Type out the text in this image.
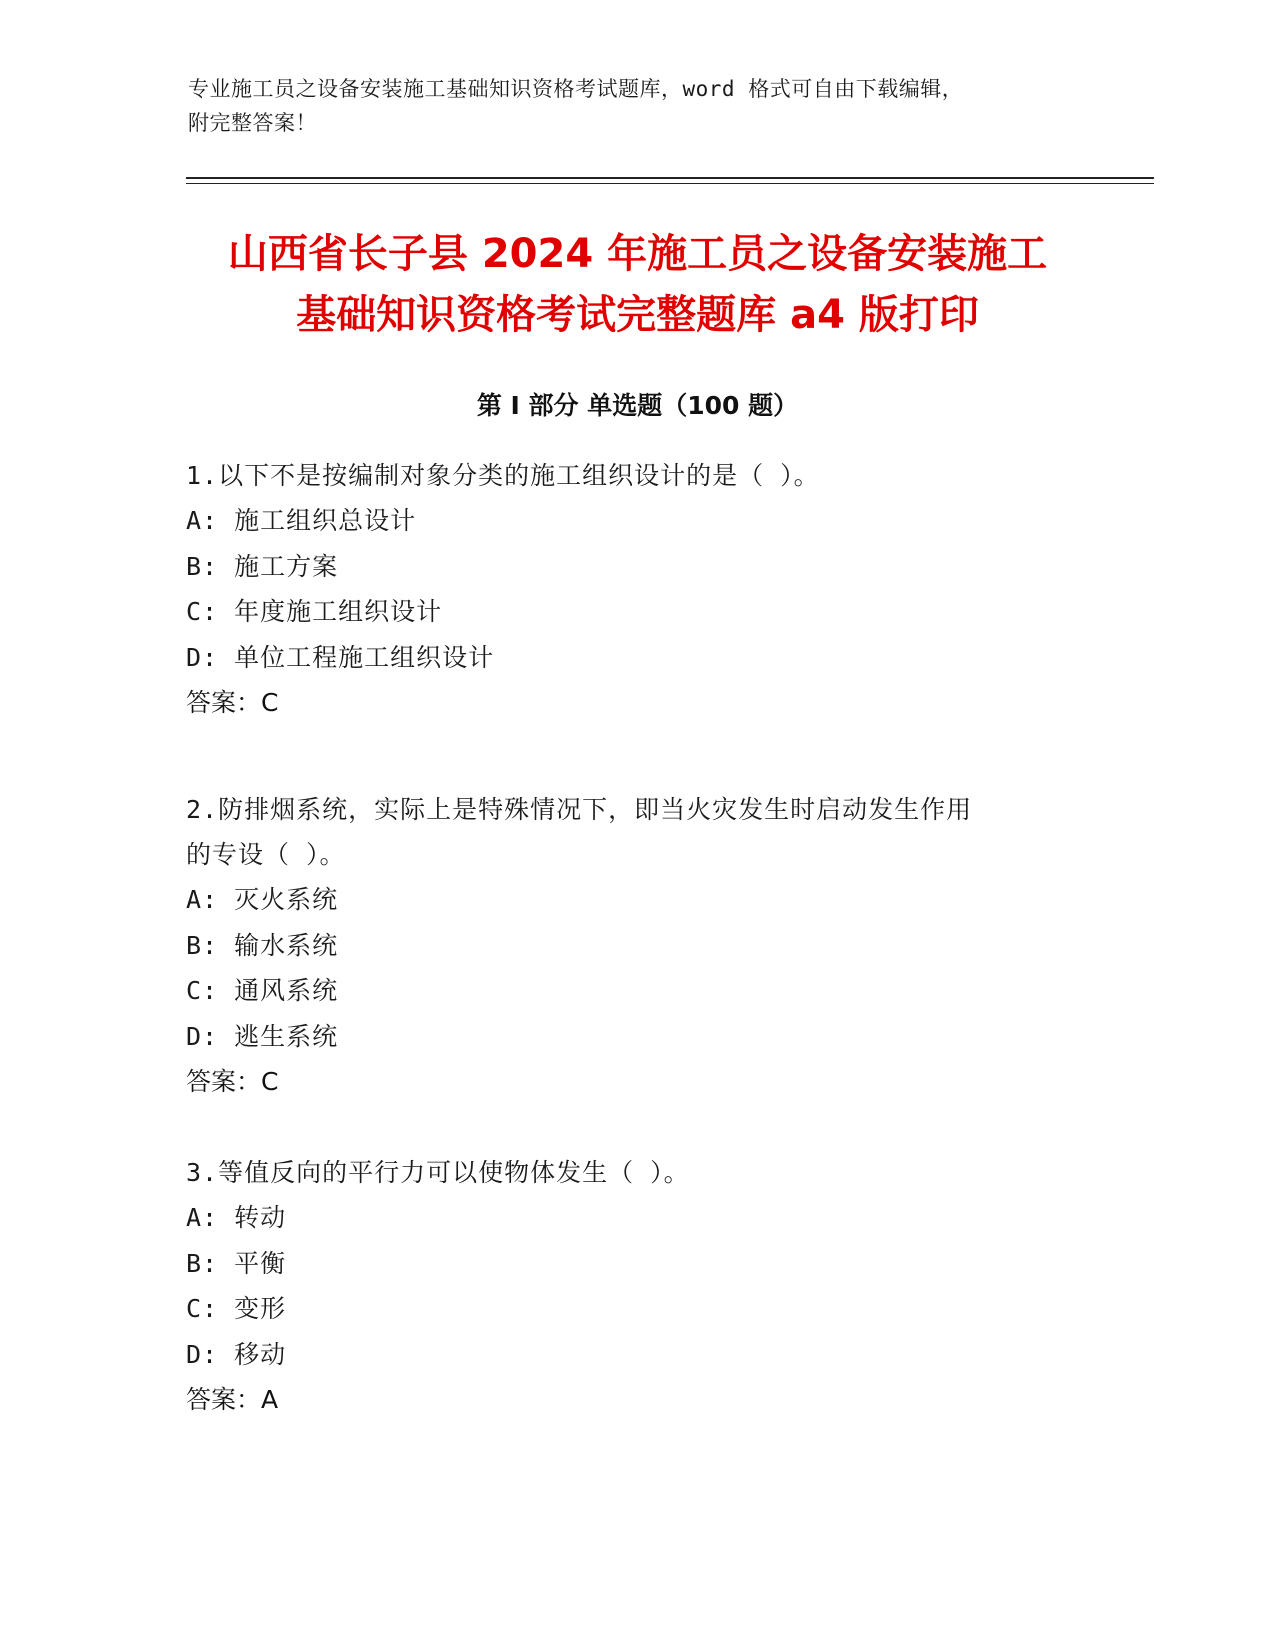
专业施工员之设备安装施工基础知识资格考试题库，word 格式可自由下载编辑，
附完整答案！
山西省长子县 2024 年施工员之设备安装施工
基础知识资格考试完整题库 a4 版打印
第 I 部分 单选题（100 题）
1.以下不是按编制对象分类的施工组织设计的是（ ）。
A: 施工组织总设计
B: 施工方案
C: 年度施工组织设计
D: 单位工程施工组织设计
答案：C
2.防排烟系统，实际上是特殊情况下，即当火灾发生时启动发生作用
的专设（ ）。
A: 灭火系统
B: 输水系统
C: 通风系统
D: 逃生系统
答案：C
3.等值反向的平行力可以使物体发生（ ）。
A: 转动
B: 平衡
C: 变形
D: 移动
答案：A
